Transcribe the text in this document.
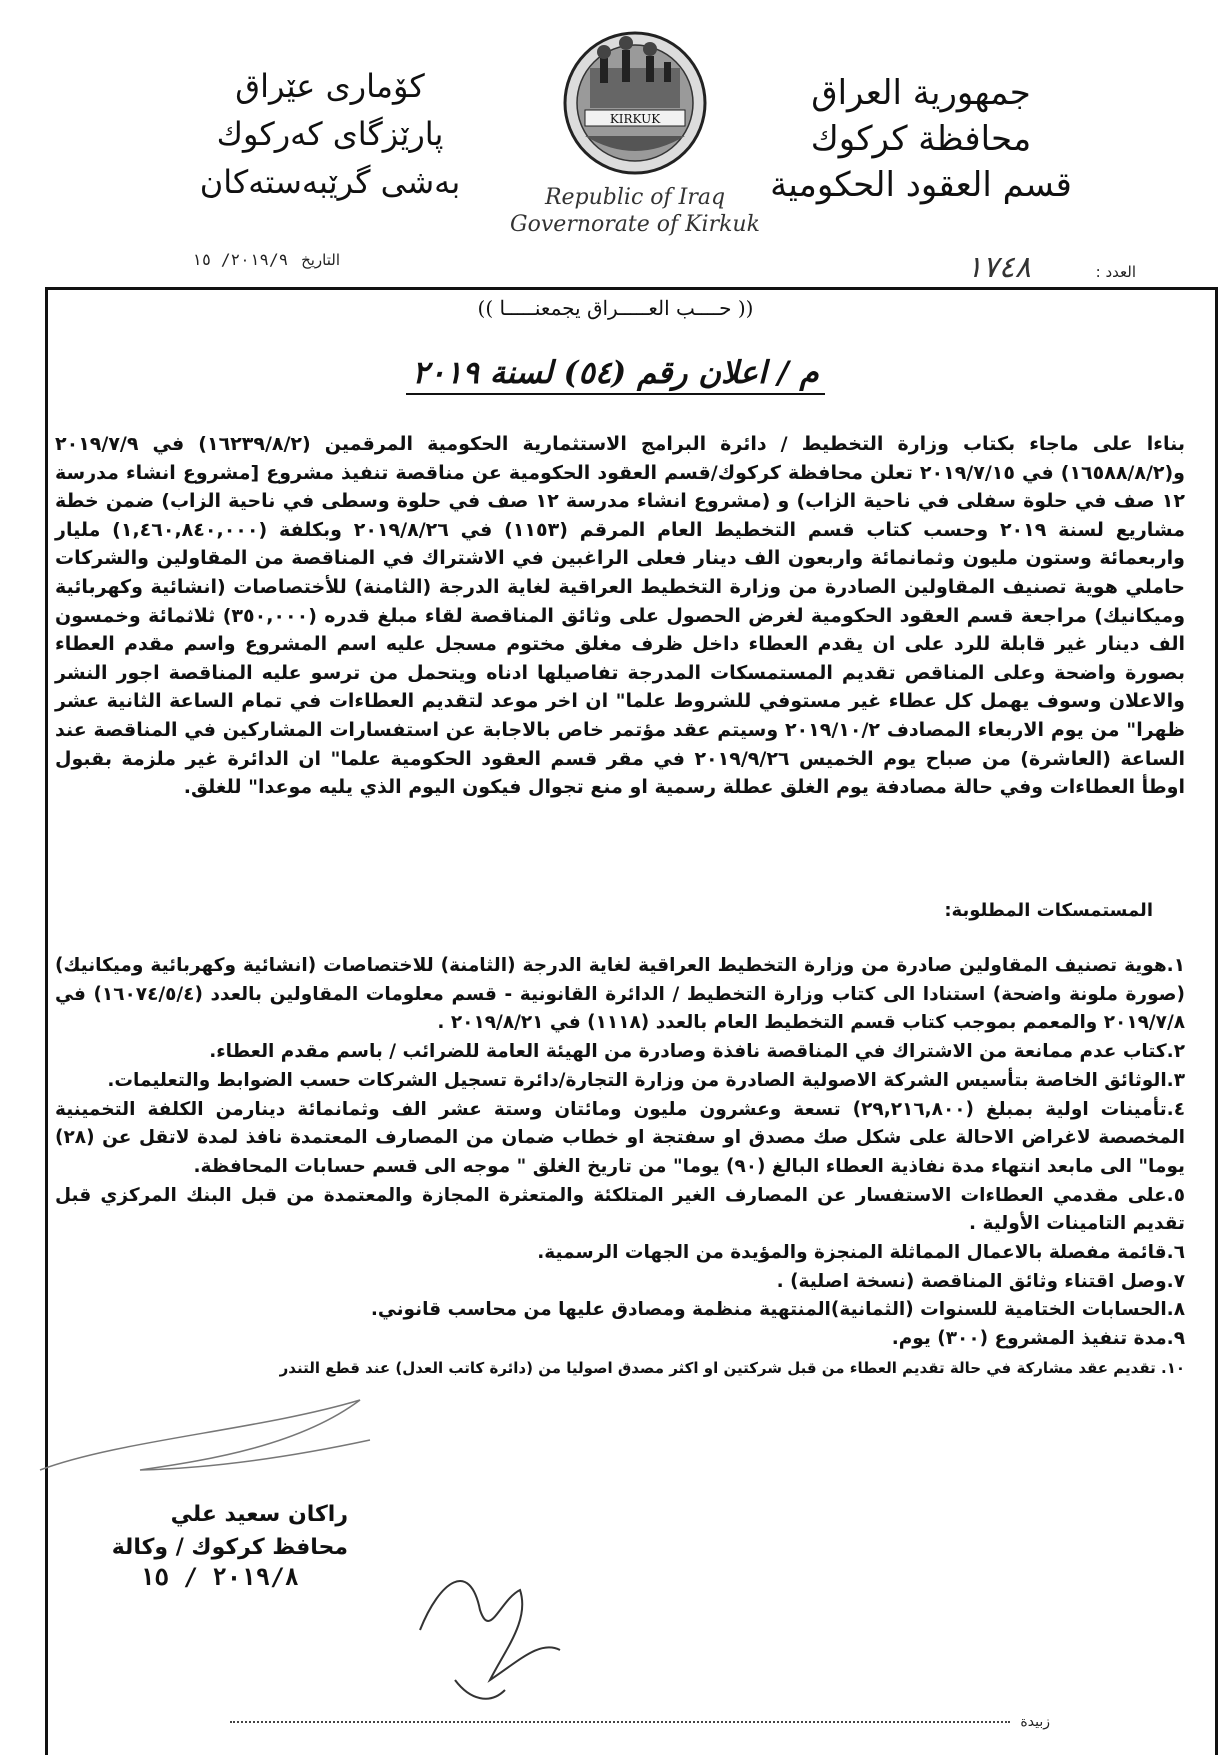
جمهورية العراق
محافظة كركوك
قسم العقود الحكومية
کۆماری عێراق
پارێزگای کەرکوك
بەشی گرێبەستەکان
KIRKUK
Republic of Iraq
Governorate of Kirkuk
العدد : ١٧٤٨
التاريخ ٢٠١٩/٩/ ١٥
(( حــــب العـــــراق يجمعنـــــا ))
م / اعلان رقم (٥٤) لسنة ٢٠١٩
بناءا على ماجاء بكتاب وزارة التخطيط / دائرة البرامج الاستثمارية الحكومية المرقمين (١٦٢٣٩/٨/٢) في ٢٠١٩/٧/٩ و(١٦٥٨٨/٨/٢) في ٢٠١٩/٧/١٥ تعلن محافظة كركوك/قسم العقود الحكومية عن مناقصة تنفيذ مشروع [مشروع انشاء مدرسة ١٢ صف في حلوة سفلى في ناحية الزاب) و (مشروع انشاء مدرسة ١٢ صف في حلوة وسطى في ناحية الزاب) ضمن خطة مشاريع لسنة ٢٠١٩ وحسب كتاب قسم التخطيط العام المرقم (١١٥٣) في ٢٠١٩/٨/٢٦ وبكلفة (١,٤٦٠,٨٤٠,٠٠٠) مليار واربعمائة وستون مليون وثمانمائة واربعون الف دينار فعلى الراغبين في الاشتراك في المناقصة من المقاولين والشركات حاملي هوية تصنيف المقاولين الصادرة من وزارة التخطيط العراقية لغاية الدرجة (الثامنة) للأختصاصات (انشائية وكهربائية وميكانيك) مراجعة قسم العقود الحكومية لغرض الحصول على وثائق المناقصة لقاء مبلغ قدره (٣٥٠,٠٠٠) ثلاثمائة وخمسون الف دينار غير قابلة للرد على ان يقدم العطاء داخل ظرف مغلق مختوم مسجل عليه اسم المشروع واسم مقدم العطاء بصورة واضحة وعلى المناقص تقديم المستمسكات المدرجة تفاصيلها ادناه ويتحمل من ترسو عليه المناقصة اجور النشر والاعلان وسوف يهمل كل عطاء غير مستوفي للشروط علما" ان اخر موعد لتقديم العطاءات في تمام الساعة الثانية عشر ظهرا" من يوم الاربعاء المصادف ٢٠١٩/١٠/٢ وسيتم عقد مؤتمر خاص بالاجابة عن استفسارات المشاركين في المناقصة عند الساعة (العاشرة) من صباح يوم الخميس ٢٠١٩/٩/٢٦ في مقر قسم العقود الحكومية علما" ان الدائرة غير ملزمة بقبول اوطأ العطاءات وفي حالة مصادفة يوم الغلق عطلة رسمية او منع تجوال فيكون اليوم الذي يليه موعدا" للغلق.
المستمسكات المطلوبة:
١.هوية تصنيف المقاولين صادرة من وزارة التخطيط العراقية لغاية الدرجة (الثامنة) للاختصاصات (انشائية وكهربائية وميكانيك) (صورة ملونة واضحة) استنادا الى كتاب وزارة التخطيط / الدائرة القانونية - قسم معلومات المقاولين بالعدد (١٦٠٧٤/٥/٤) في ٢٠١٩/٧/٨ والمعمم بموجب كتاب قسم التخطيط العام بالعدد (١١١٨) في ٢٠١٩/٨/٢١ .
٢.كتاب عدم ممانعة من الاشتراك في المناقصة نافذة وصادرة من الهيئة العامة للضرائب / باسم مقدم العطاء.
٣.الوثائق الخاصة بتأسيس الشركة الاصولية الصادرة من وزارة التجارة/دائرة تسجيل الشركات حسب الضوابط والتعليمات.
٤.تأمينات اولية بمبلغ (٢٩,٢١٦,٨٠٠) تسعة وعشرون مليون ومائتان وستة عشر الف وثمانمائة دينارمن الكلفة التخمينية المخصصة لاغراض الاحالة على شكل صك مصدق او سفتجة او خطاب ضمان من المصارف المعتمدة نافذ لمدة لاتقل عن (٢٨) يوما" الى مابعد انتهاء مدة نفاذية العطاء البالغ (٩٠) يوما" من تاريخ الغلق " موجه الى قسم حسابات المحافظة.
٥.على مقدمي العطاءات الاستفسار عن المصارف الغير المتلكئة والمتعثرة المجازة والمعتمدة من قبل البنك المركزي قبل تقديم التامينات الأولية .
٦.قائمة مفصلة بالاعمال المماثلة المنجزة والمؤيدة من الجهات الرسمية.
٧.وصل اقتناء وثائق المناقصة (نسخة اصلية) .
٨.الحسابات الختامية للسنوات (الثمانية)المنتهية منظمة ومصادق عليها من محاسب قانوني.
٩.مدة تنفيذ المشروع (٣٠٠) يوم.
١٠. تقديم عقد مشاركة في حالة تقديم العطاء من قبل شركتين او اكثر مصدق اصوليا من (دائرة كاتب العدل) عند قطع التندر
راكان سعيد علي
محافظ كركوك / وكالة
٢٠١٩/٨ / ١٥
زبيدة
